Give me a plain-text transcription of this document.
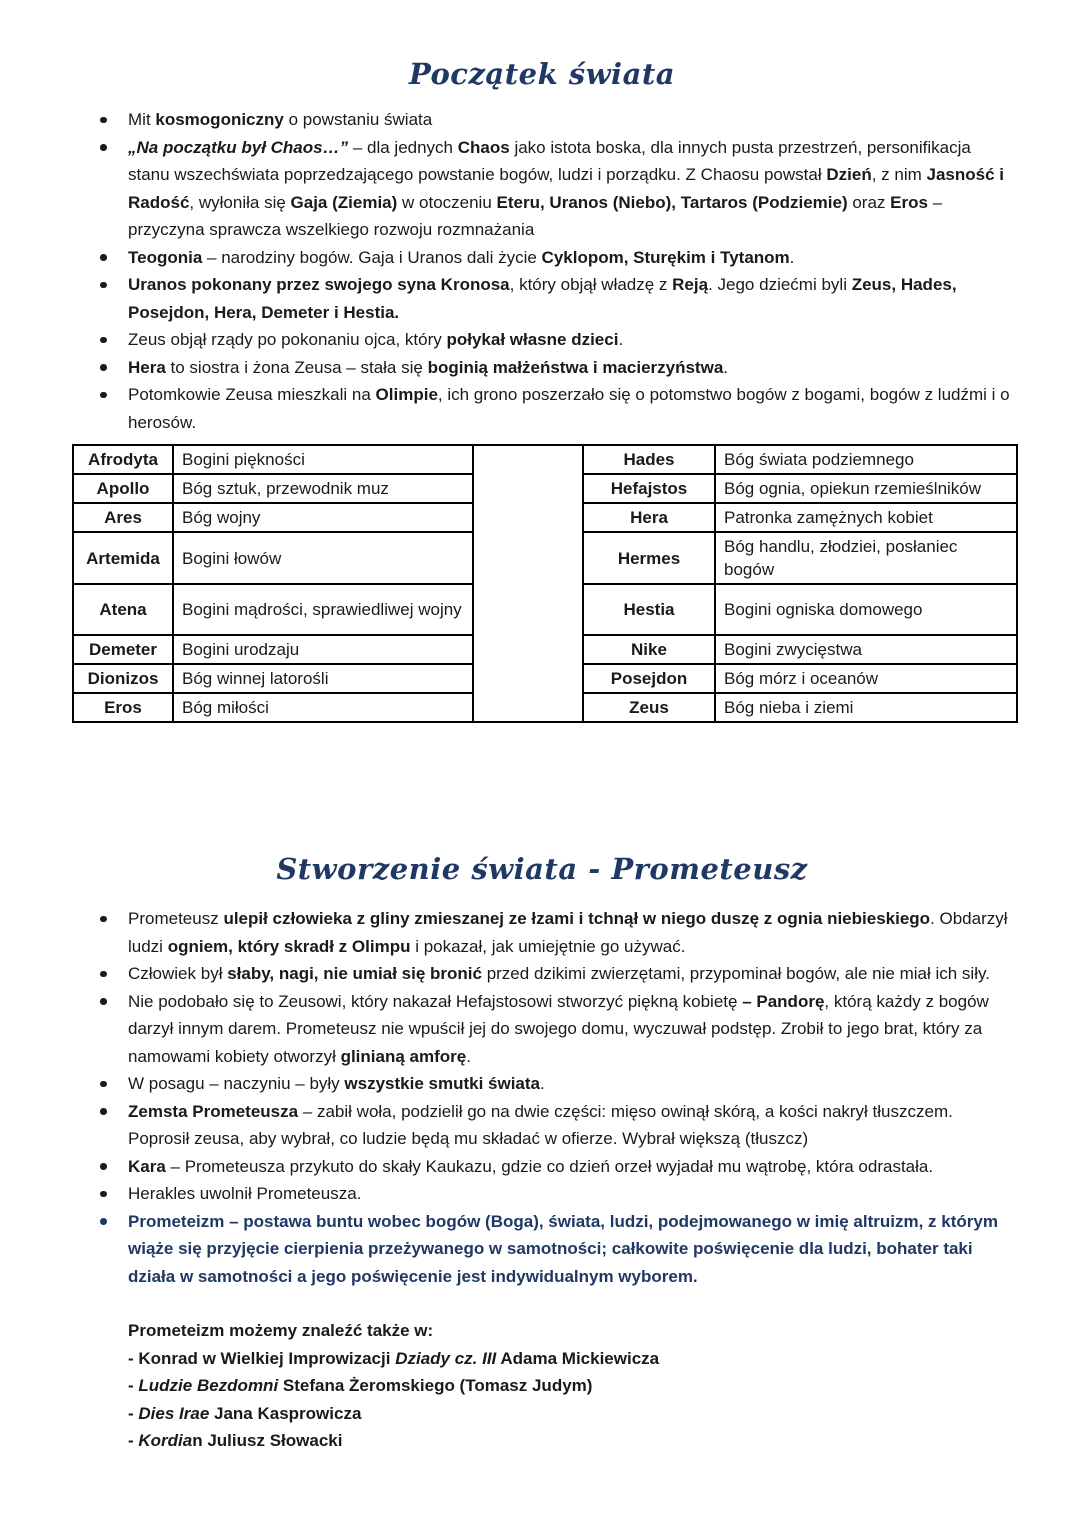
Początek świata
Mit kosmogoniczny o powstaniu świata
„Na początku był Chaos…” – dla jednych Chaos jako istota boska, dla innych pusta przestrzeń, personifikacja stanu wszechświata poprzedzającego powstanie bogów, ludzi i porządku. Z Chaosu powstał Dzień, z nim Jasność i Radość, wyłoniła się Gaja (Ziemia) w otoczeniu Eteru, Uranos (Niebo), Tartaros (Podziemie) oraz Eros – przyczyna sprawcza wszelkiego rozwoju rozmnażania
Teogonia – narodziny bogów. Gaja i Uranos dali życie Cyklopom, Sturękim i Tytanom.
Uranos pokonany przez swojego syna Kronosa, który objął władzę z Reją. Jego dziećmi byli Zeus, Hades, Posejdon, Hera, Demeter i Hestia.
Zeus objął rządy po pokonaniu ojca, który połykał własne dzieci.
Hera to siostra i żona Zeusa – stała się boginią małżeństwa i macierzyństwa.
Potomkowie Zeusa mieszkali na Olimpie, ich grono poszerzało się o potomstwo bogów z bogami, bogów z ludźmi i o herosów.
Afrodyta	Bogini piękności		Hades	Bóg świata podziemnego
Apollo	Bóg sztuk, przewodnik muz		Hefajstos	Bóg ognia, opiekun rzemieślników
Ares	Bóg wojny		Hera	Patronka zamężnych kobiet
Artemida	Bogini łowów		Hermes	Bóg handlu, złodziei, posłaniec bogów
Atena	Bogini mądrości, sprawiedliwej wojny		Hestia	Bogini ogniska domowego
Demeter	Bogini urodzaju		Nike	Bogini zwycięstwa
Dionizos	Bóg winnej latorośli		Posejdon	Bóg mórz i oceanów
Eros	Bóg miłości		Zeus	Bóg nieba i ziemi
Stworzenie świata - Prometeusz
Prometeusz ulepił człowieka z gliny zmieszanej ze łzami i tchnął w niego duszę z ognia niebieskiego. Obdarzył ludzi ogniem, który skradł z Olimpu i pokazał, jak umiejętnie go używać.
Człowiek był słaby, nagi, nie umiał się bronić przed dzikimi zwierzętami, przypominał bogów, ale nie miał ich siły.
Nie podobało się to Zeusowi, który nakazał Hefajstosowi stworzyć piękną kobietę – Pandorę, którą każdy z bogów darzył innym darem. Prometeusz nie wpuścił jej do swojego domu, wyczuwał podstęp. Zrobił to jego brat, który za namowami kobiety otworzył glinianą amforę.
W posagu – naczyniu – były wszystkie smutki świata.
Zemsta Prometeusza – zabił woła, podzielił go na dwie części: mięso owinął skórą, a kości nakrył tłuszczem. Poprosił zeusa, aby wybrał, co ludzie będą mu składać w ofierze. Wybrał większą (tłuszcz)
Kara – Prometeusza przykuto do skały Kaukazu, gdzie co dzień orzeł wyjadał mu wątrobę, która odrastała.
Herakles uwolnił Prometeusza.
Prometeizm – postawa buntu wobec bogów (Boga), świata, ludzi, podejmowanego w imię altruizm, z którym wiąże się przyjęcie cierpienia przeżywanego w samotności; całkowite poświęcenie dla ludzi, bohater taki działa w samotności a jego poświęcenie jest indywidualnym wyborem.
Prometeizm możemy znaleźć także w:
- Konrad w Wielkiej Improwizacji Dziady cz. III Adama Mickiewicza
- Ludzie Bezdomni Stefana Żeromskiego (Tomasz Judym)
- Dies Irae Jana Kasprowicza
- Kordian Juliusz Słowacki
